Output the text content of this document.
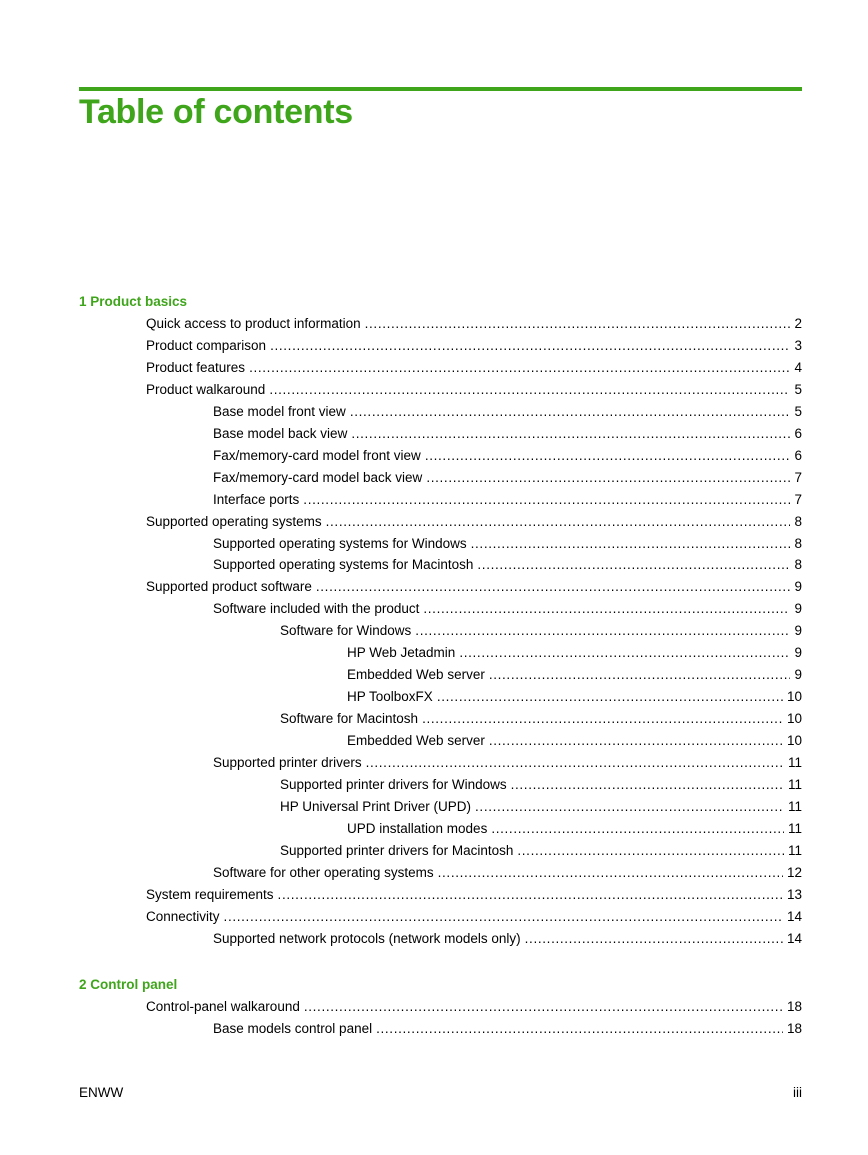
Table of contents
1 Product basics
Quick access to product information . . .	2
Product comparison . . .	3
Product features . . .	4
Product walkaround . . .	5
Base model front view . . .	5
Base model back view . . .	6
Fax/memory-card model front view . . .	6
Fax/memory-card model back view . . .	7
Interface ports . . .	7
Supported operating systems . . .	8
Supported operating systems for Windows . . .	8
Supported operating systems for Macintosh . . .	8
Supported product software . . .	9
Software included with the product . . .	9
Software for Windows . . .	9
HP Web Jetadmin . . .	9
Embedded Web server . . .	9
HP ToolboxFX . . .	10
Software for Macintosh . . .	10
Embedded Web server . . .	10
Supported printer drivers . . .	11
Supported printer drivers for Windows . . .	11
HP Universal Print Driver (UPD) . . .	11
UPD installation modes . . .	11
Supported printer drivers for Macintosh . . .	11
Software for other operating systems . . .	12
System requirements . . .	13
Connectivity . . .	14
Supported network protocols (network models only) . . .	14
2 Control panel
Control-panel walkaround . . .	18
Base models control panel . . .	18
ENWW	iii
